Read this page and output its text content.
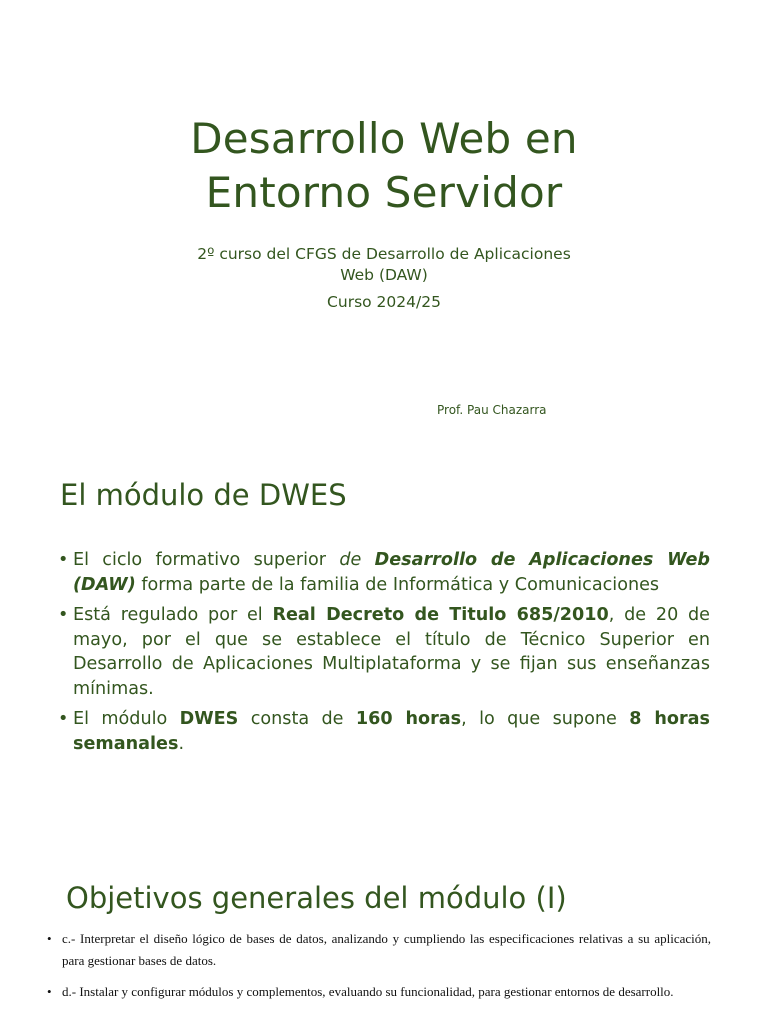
Desarrollo Web en
Entorno Servidor
2º curso del CFGS de Desarrollo de Aplicaciones
Web (DAW)
Curso 2024/25
Prof. Pau Chazarra
El módulo de DWES
• El ciclo formativo superior de Desarrollo de Aplicaciones Web (DAW) forma parte de la familia de Informática y Comunicaciones
• Está regulado por el Real Decreto de Titulo 685/2010, de 20 de mayo, por el que se establece el título de Técnico Superior en Desarrollo de Aplicaciones Multiplataforma y se fijan sus enseñanzas mínimas.
• El módulo DWES consta de 160 horas, lo que supone 8 horas semanales.
Objetivos generales del módulo (I)
• c.- Interpretar el diseño lógico de bases de datos, analizando y cumpliendo las especificaciones relativas a su aplicación, para gestionar bases de datos.
• d.- Instalar y configurar módulos y complementos, evaluando su funcionalidad, para gestionar entornos de desarrollo.
